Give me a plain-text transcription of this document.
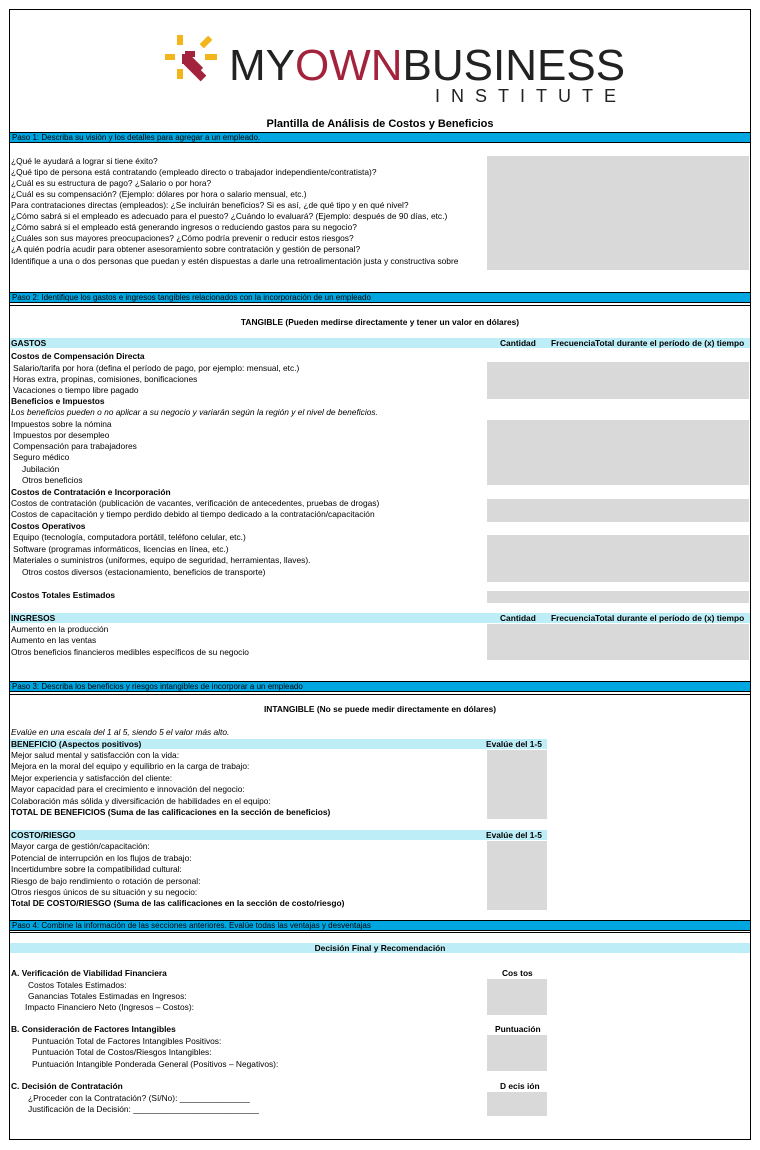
MYOWNBUSINESS
INSTITUTE
Plantilla de Análisis de Costos y Beneficios
Paso 1: Describa su visión y los detalles para agregar a un empleado.
¿Qué le ayudará a lograr si tiene éxito?
¿Qué tipo de persona está contratando (empleado directo o trabajador independiente/contratista)?
¿Cuál es su estructura de pago? ¿Salario o por hora?
¿Cuál es su compensación? (Ejemplo: dólares por hora o salario mensual, etc.)
Para contrataciones directas (empleados): ¿Se incluirán beneficios? Si es así, ¿de qué tipo y en qué nivel?
¿Cómo sabrá si el empleado es adecuado para el puesto? ¿Cuándo lo evaluará? (Ejemplo: después de 90 días, etc.)
¿Cómo sabrá si el empleado está generando ingresos o reduciendo gastos para su negocio?
¿Cuáles son sus mayores preocupaciones? ¿Cómo podría prevenir o reducir estos riesgos?
¿A quién podría acudir para obtener asesoramiento sobre contratación y gestión de personal?
Identifique a una o dos personas que puedan y estén dispuestas a darle una retroalimentación justa y constructiva sobre
Paso 2: Identifique los gastos e ingresos tangibles relacionados con la incorporación de un empleado
TANGIBLE (Pueden medirse directamente y tener un valor en dólares)
GASTOS	Cantidad Frecuencia Total durante el período de (x) tiempo
Costos de Compensación Directa
Salario/tarifa por hora (defina el período de pago, por ejemplo: mensual, etc.)
Horas extra, propinas, comisiones, bonificaciones
Vacaciones o tiempo libre pagado
Beneficios e Impuestos
Los beneficios pueden o no aplicar a su negocio y variarán según la región y el nivel de beneficios.
Impuestos sobre la nómina
Impuestos por desempleo
Compensación para trabajadores
Seguro médico
Jubilación
Otros beneficios
Costos de Contratación e Incorporación
Costos de contratación (publicación de vacantes, verificación de antecedentes, pruebas de drogas)
Costos de capacitación y tiempo perdido debido al tiempo dedicado a la contratación/capacitación
Costos Operativos
Equipo (tecnología, computadora portátil, teléfono celular, etc.)
Software (programas informáticos, licencias en línea, etc.)
Materiales o suministros (uniformes, equipo de seguridad, herramientas, llaves).
Otros costos diversos (estacionamiento, beneficios de transporte)
Costos Totales Estimados
INGRESOS	Cantidad Frecuencia Total durante el período de (x) tiempo
Aumento en la producción
Aumento en las ventas
Otros beneficios financieros medibles específicos de su negocio
Paso 3: Describa los beneficios y riesgos intangibles de incorporar a un empleado
INTANGIBLE (No se puede medir directamente en dólares)
Evalúe en una escala del 1 al 5, siendo 5 el valor más alto.
BENEFICIO (Aspectos positivos)	Evalúe del 1-5
Mejor salud mental y satisfacción con la vida:
Mejora en la moral del equipo y equilibrio en la carga de trabajo:
Mejor experiencia y satisfacción del cliente:
Mayor capacidad para el crecimiento e innovación del negocio:
Colaboración más sólida y diversificación de habilidades en el equipo:
TOTAL DE BENEFICIOS (Suma de las calificaciones en la sección de beneficios)
COSTO/RIESGO	Evalúe del 1-5
Mayor carga de gestión/capacitación:
Potencial de interrupción en los flujos de trabajo:
Incertidumbre sobre la compatibilidad cultural:
Riesgo de bajo rendimiento o rotación de personal:
Otros riesgos únicos de su situación y su negocio:
Total DE COSTO/RIESGO (Suma de las calificaciones en la sección de costo/riesgo)
Paso 4: Combine la información de las secciones anteriores. Evalúe todas las ventajas y desventajas
Decisión Final y Recomendación
A. Verificación de Viabilidad Financiera	Cos tos
Costos Totales Estimados:
Ganancias Totales Estimadas en Ingresos:
Impacto Financiero Neto (Ingresos – Costos):
B. Consideración de Factores Intangibles	Puntuación
Puntuación Total de Factores Intangibles Positivos:
Puntuación Total de Costos/Riesgos Intangibles:
Puntuación Intangible Ponderada General (Positivos – Negativos):
C. Decisión de Contratación	D ecis ión
¿Proceder con la Contratación? (Sí/No): _______________
Justificación de la Decisión: ___________________________
